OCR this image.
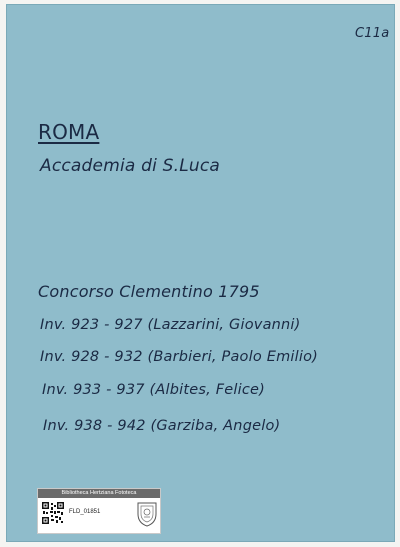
C11a
ROMA
Accademia di S.Luca
Concorso Clementino 1795
Inv. 923 - 927 (Lazzarini, Giovanni)
Inv. 928 - 932 (Barbieri, Paolo Emilio)
Inv. 933 - 937 (Albites, Felice)
Inv. 938 - 942 (Garziba, Angelo)
Bibliotheca Hertziana Fototeca
FLD_01851
